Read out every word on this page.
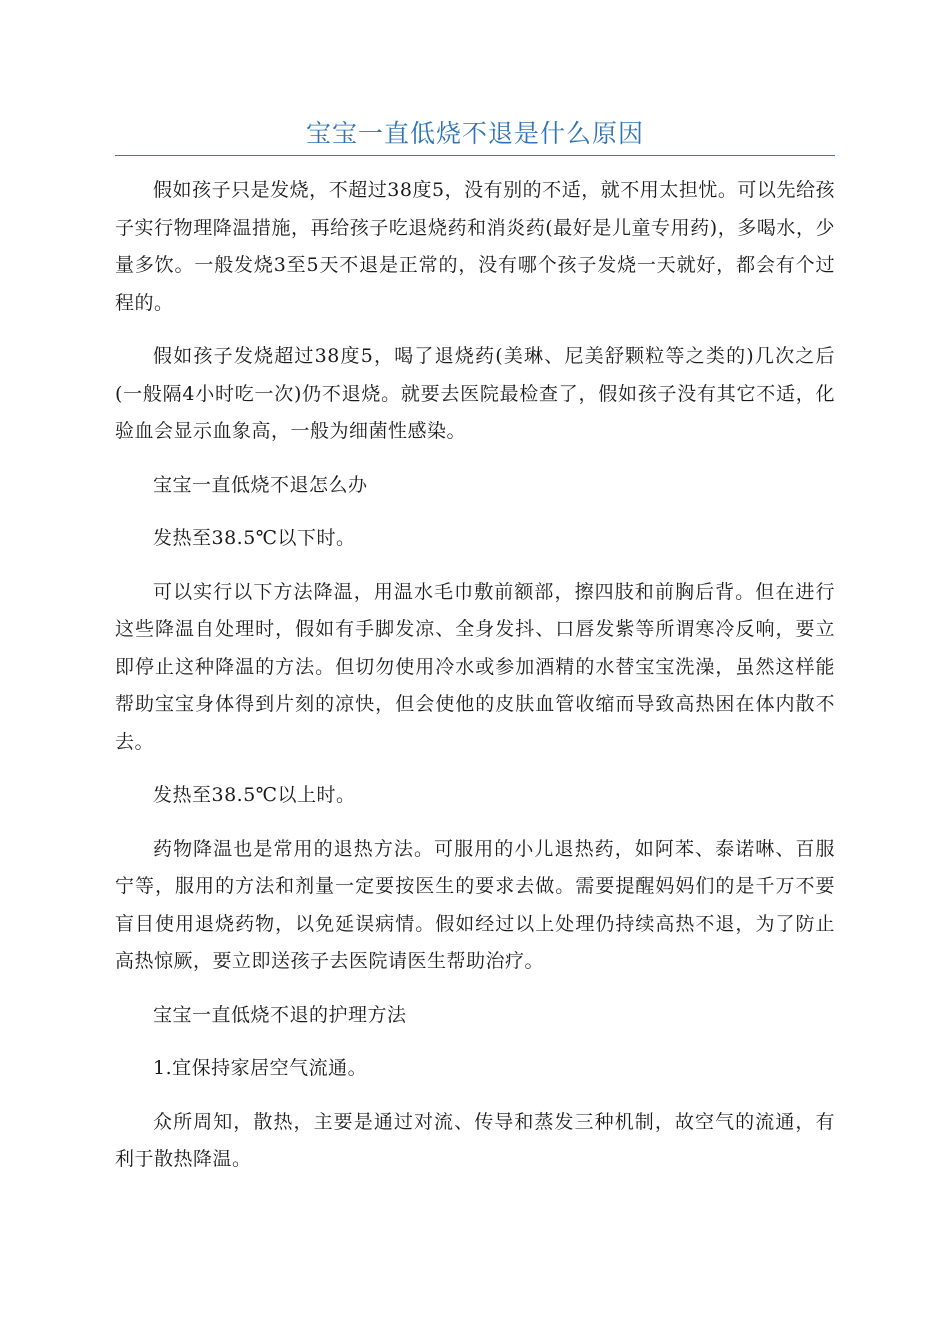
宝宝一直低烧不退是什么原因

假如孩子只是发烧，不超过38度5，没有别的不适，就不用太担忧。可以先给孩子实行物理降温措施，再给孩子吃退烧药和消炎药(最好是儿童专用药)，多喝水，少量多饮。一般发烧3至5天不退是正常的，没有哪个孩子发烧一天就好，都会有个过程的。

假如孩子发烧超过38度5，喝了退烧药(美琳、尼美舒颗粒等之类的)几次之后(一般隔4小时吃一次)仍不退烧。就要去医院最检查了，假如孩子没有其它不适，化验血会显示血象高，一般为细菌性感染。

宝宝一直低烧不退怎么办

发热至38.5℃以下时。

可以实行以下方法降温，用温水毛巾敷前额部，擦四肢和前胸后背。但在进行这些降温自处理时，假如有手脚发凉、全身发抖、口唇发紫等所谓寒冷反响，要立即停止这种降温的方法。但切勿使用冷水或参加酒精的水替宝宝洗澡，虽然这样能帮助宝宝身体得到片刻的凉快，但会使他的皮肤血管收缩而导致高热困在体内散不去。

发热至38.5℃以上时。

药物降温也是常用的退热方法。可服用的小儿退热药，如阿苯、泰诺啉、百服宁等，服用的方法和剂量一定要按医生的要求去做。需要提醒妈妈们的是千万不要盲目使用退烧药物，以免延误病情。假如经过以上处理仍持续高热不退，为了防止高热惊厥，要立即送孩子去医院请医生帮助治疗。

宝宝一直低烧不退的护理方法

1.宜保持家居空气流通。

众所周知，散热，主要是通过对流、传导和蒸发三种机制，故空气的流通，有利于散热降温。
